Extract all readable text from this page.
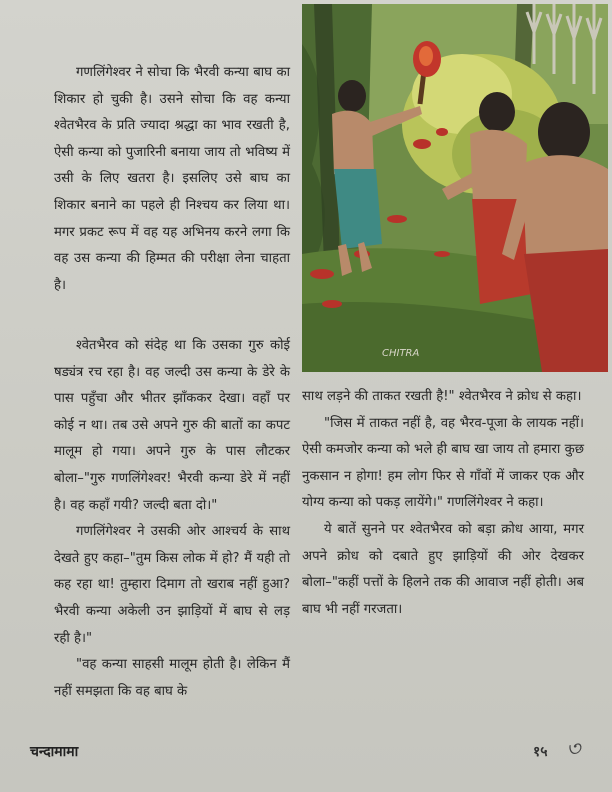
CHITRA

गणलिंगेश्वर ने सोचा कि भैरवी कन्या बाघ का शिकार हो चुकी है। उसने सोचा कि वह कन्या श्वेतभैरव के प्रति ज्यादा श्रद्धा का भाव रखती है, ऐसी कन्या को पुजारिनी बनाया जाय तो भविष्य में उसी के लिए खतरा है। इसलिए उसे बाघ का शिकार बनाने का पहले ही निश्चय कर लिया था। मगर प्रकट रूप में वह यह अभिनय करने लगा कि वह उस कन्या की हिम्मत की परीक्षा लेना चाहता है।

श्वेतभैरव को संदेह था कि उसका गुरु कोई षड्यंत्र रच रहा है। वह जल्दी उस कन्या के डेरे के पास पहुँचा और भीतर झाँककर देखा। वहाँ पर कोई न था। तब उसे अपने गुरु की बातों का कपट मालूम हो गया। अपने गुरु के पास लौटकर बोला–"गुरु गणलिंगेश्वर! भैरवी कन्या डेरे में नहीं है। वह कहाँ गयी? जल्दी बता दो।"

गणलिंगेश्वर ने उसकी ओर आश्चर्य के साथ देखते हुए कहा–"तुम किस लोक में हो? मैं यही तो कह रहा था! तुम्हारा दिमाग तो खराब नहीं हुआ? भैरवी कन्या अकेली उन झाड़ियों में बाघ से लड़ रही है।"

"वह कन्या साहसी मालूम होती है। लेकिन मैं नहीं समझता कि वह बाघ के

साथ लड़ने की ताकत रखती है!" श्वेतभैरव ने क्रोध से कहा।

"जिस में ताकत नहीं है, वह भैरव-पूजा के लायक नहीं। ऐसी कमजोर कन्या को भले ही बाघ खा जाय तो हमारा कुछ नुकसान न होगा! हम लोग फिर से गाँवों में जाकर एक और योग्य कन्या को पकड़ लायेंगे।" गणलिंगेश्वर ने कहा।

ये बातें सुनने पर श्वेतभैरव को बड़ा क्रोध आया, मगर अपने क्रोध को दबाते हुए झाड़ियों की ओर देखकर बोला–"कहीं पत्तों के हिलने तक की आवाज नहीं होती। अब बाघ भी नहीं गरजता।

चन्दामामा	१५ ৩
